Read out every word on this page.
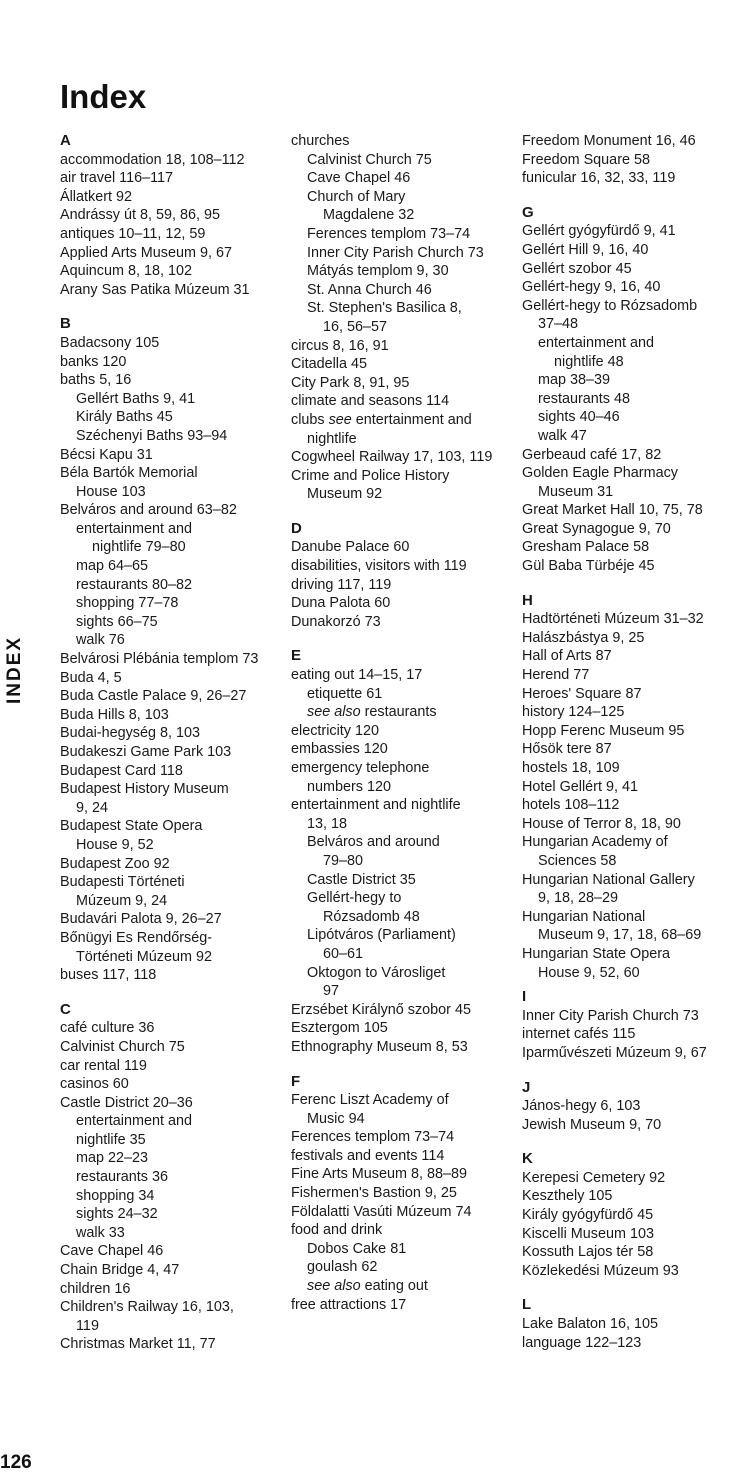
Index
A
accommodation 18, 108–112
air travel 116–117
Állatkert 92
Andrássy út 8, 59, 86, 95
antiques 10–11, 12, 59
Applied Arts Museum 9, 67
Aquincum 8, 18, 102
Arany Sas Patika Múzeum 31
B
Badacsony 105
banks 120
baths 5, 16
Gellért Baths 9, 41
Király Baths 45
Széchenyi Baths 93–94
Bécsi Kapu 31
Béla Bartók Memorial
House 103
Belváros and around 63–82
entertainment and
nightlife 79–80
map 64–65
restaurants 80–82
shopping 77–78
sights 66–75
walk 76
Belvárosi Plébánia templom 73
Buda 4, 5
Buda Castle Palace 9, 26–27
Buda Hills 8, 103
Budai-hegység 8, 103
Budakeszi Game Park 103
Budapest Card 118
Budapest History Museum
9, 24
Budapest State Opera
House 9, 52
Budapest Zoo 92
Budapesti Történeti
Múzeum 9, 24
Budavári Palota 9, 26–27
Bőnügyi Es Rendőrség-
Történeti Múzeum 92
buses 117, 118
C
café culture 36
Calvinist Church 75
car rental 119
casinos 60
Castle District 20–36
entertainment and
nightlife 35
map 22–23
restaurants 36
shopping 34
sights 24–32
walk 33
Cave Chapel 46
Chain Bridge 4, 47
children 16
Children's Railway 16, 103,
119
Christmas Market 11, 77
churches
Calvinist Church 75
Cave Chapel 46
Church of Mary
Magdalene 32
Ferences templom 73–74
Inner City Parish Church 73
Mátyás templom 9, 30
St. Anna Church 46
St. Stephen's Basilica 8,
16, 56–57
circus 8, 16, 91
Citadella 45
City Park 8, 91, 95
climate and seasons 114
clubs see entertainment and
nightlife
Cogwheel Railway 17, 103, 119
Crime and Police History
Museum 92
D
Danube Palace 60
disabilities, visitors with 119
driving 117, 119
Duna Palota 60
Dunakorzó 73
E
eating out 14–15, 17
etiquette 61
see also restaurants
electricity 120
embassies 120
emergency telephone
numbers 120
entertainment and nightlife
13, 18
Belváros and around
79–80
Castle District 35
Gellért-hegy to
Rózsadomb 48
Lipótváros (Parliament)
60–61
Oktogon to Városliget
97
Erzsébet Királynő szobor 45
Esztergom 105
Ethnography Museum 8, 53
F
Ferenc Liszt Academy of
Music 94
Ferences templom 73–74
festivals and events 114
Fine Arts Museum 8, 88–89
Fishermen's Bastion 9, 25
Földalatti Vasúti Múzeum 74
food and drink
Dobos Cake 81
goulash 62
see also eating out
free attractions 17
Freedom Monument 16, 46
Freedom Square 58
funicular 16, 32, 33, 119
G
Gellért gyógyfürdő 9, 41
Gellért Hill 9, 16, 40
Gellért szobor 45
Gellért-hegy 9, 16, 40
Gellért-hegy to Rózsadomb
37–48
entertainment and
nightlife 48
map 38–39
restaurants 48
sights 40–46
walk 47
Gerbeaud café 17, 82
Golden Eagle Pharmacy
Museum 31
Great Market Hall 10, 75, 78
Great Synagogue 9, 70
Gresham Palace 58
Gül Baba Türbéje 45
H
Hadtörténeti Múzeum 31–32
Halászbástya 9, 25
Hall of Arts 87
Herend 77
Heroes' Square 87
history 124–125
Hopp Ferenc Museum 95
Hősök tere 87
hostels 18, 109
Hotel Gellért 9, 41
hotels 108–112
House of Terror 8, 18, 90
Hungarian Academy of
Sciences 58
Hungarian National Gallery
9, 18, 28–29
Hungarian National
Museum 9, 17, 18, 68–69
Hungarian State Opera
House 9, 52, 60
I
Inner City Parish Church 73
internet cafés 115
Iparművészeti Múzeum 9, 67
J
János-hegy 6, 103
Jewish Museum 9, 70
K
Kerepesi Cemetery 92
Keszthely 105
Király gyógyfürdő 45
Kiscelli Museum 103
Kossuth Lajos tér 58
Közlekedési Múzeum 93
L
Lake Balaton 16, 105
language 122–123
INDEX
126
